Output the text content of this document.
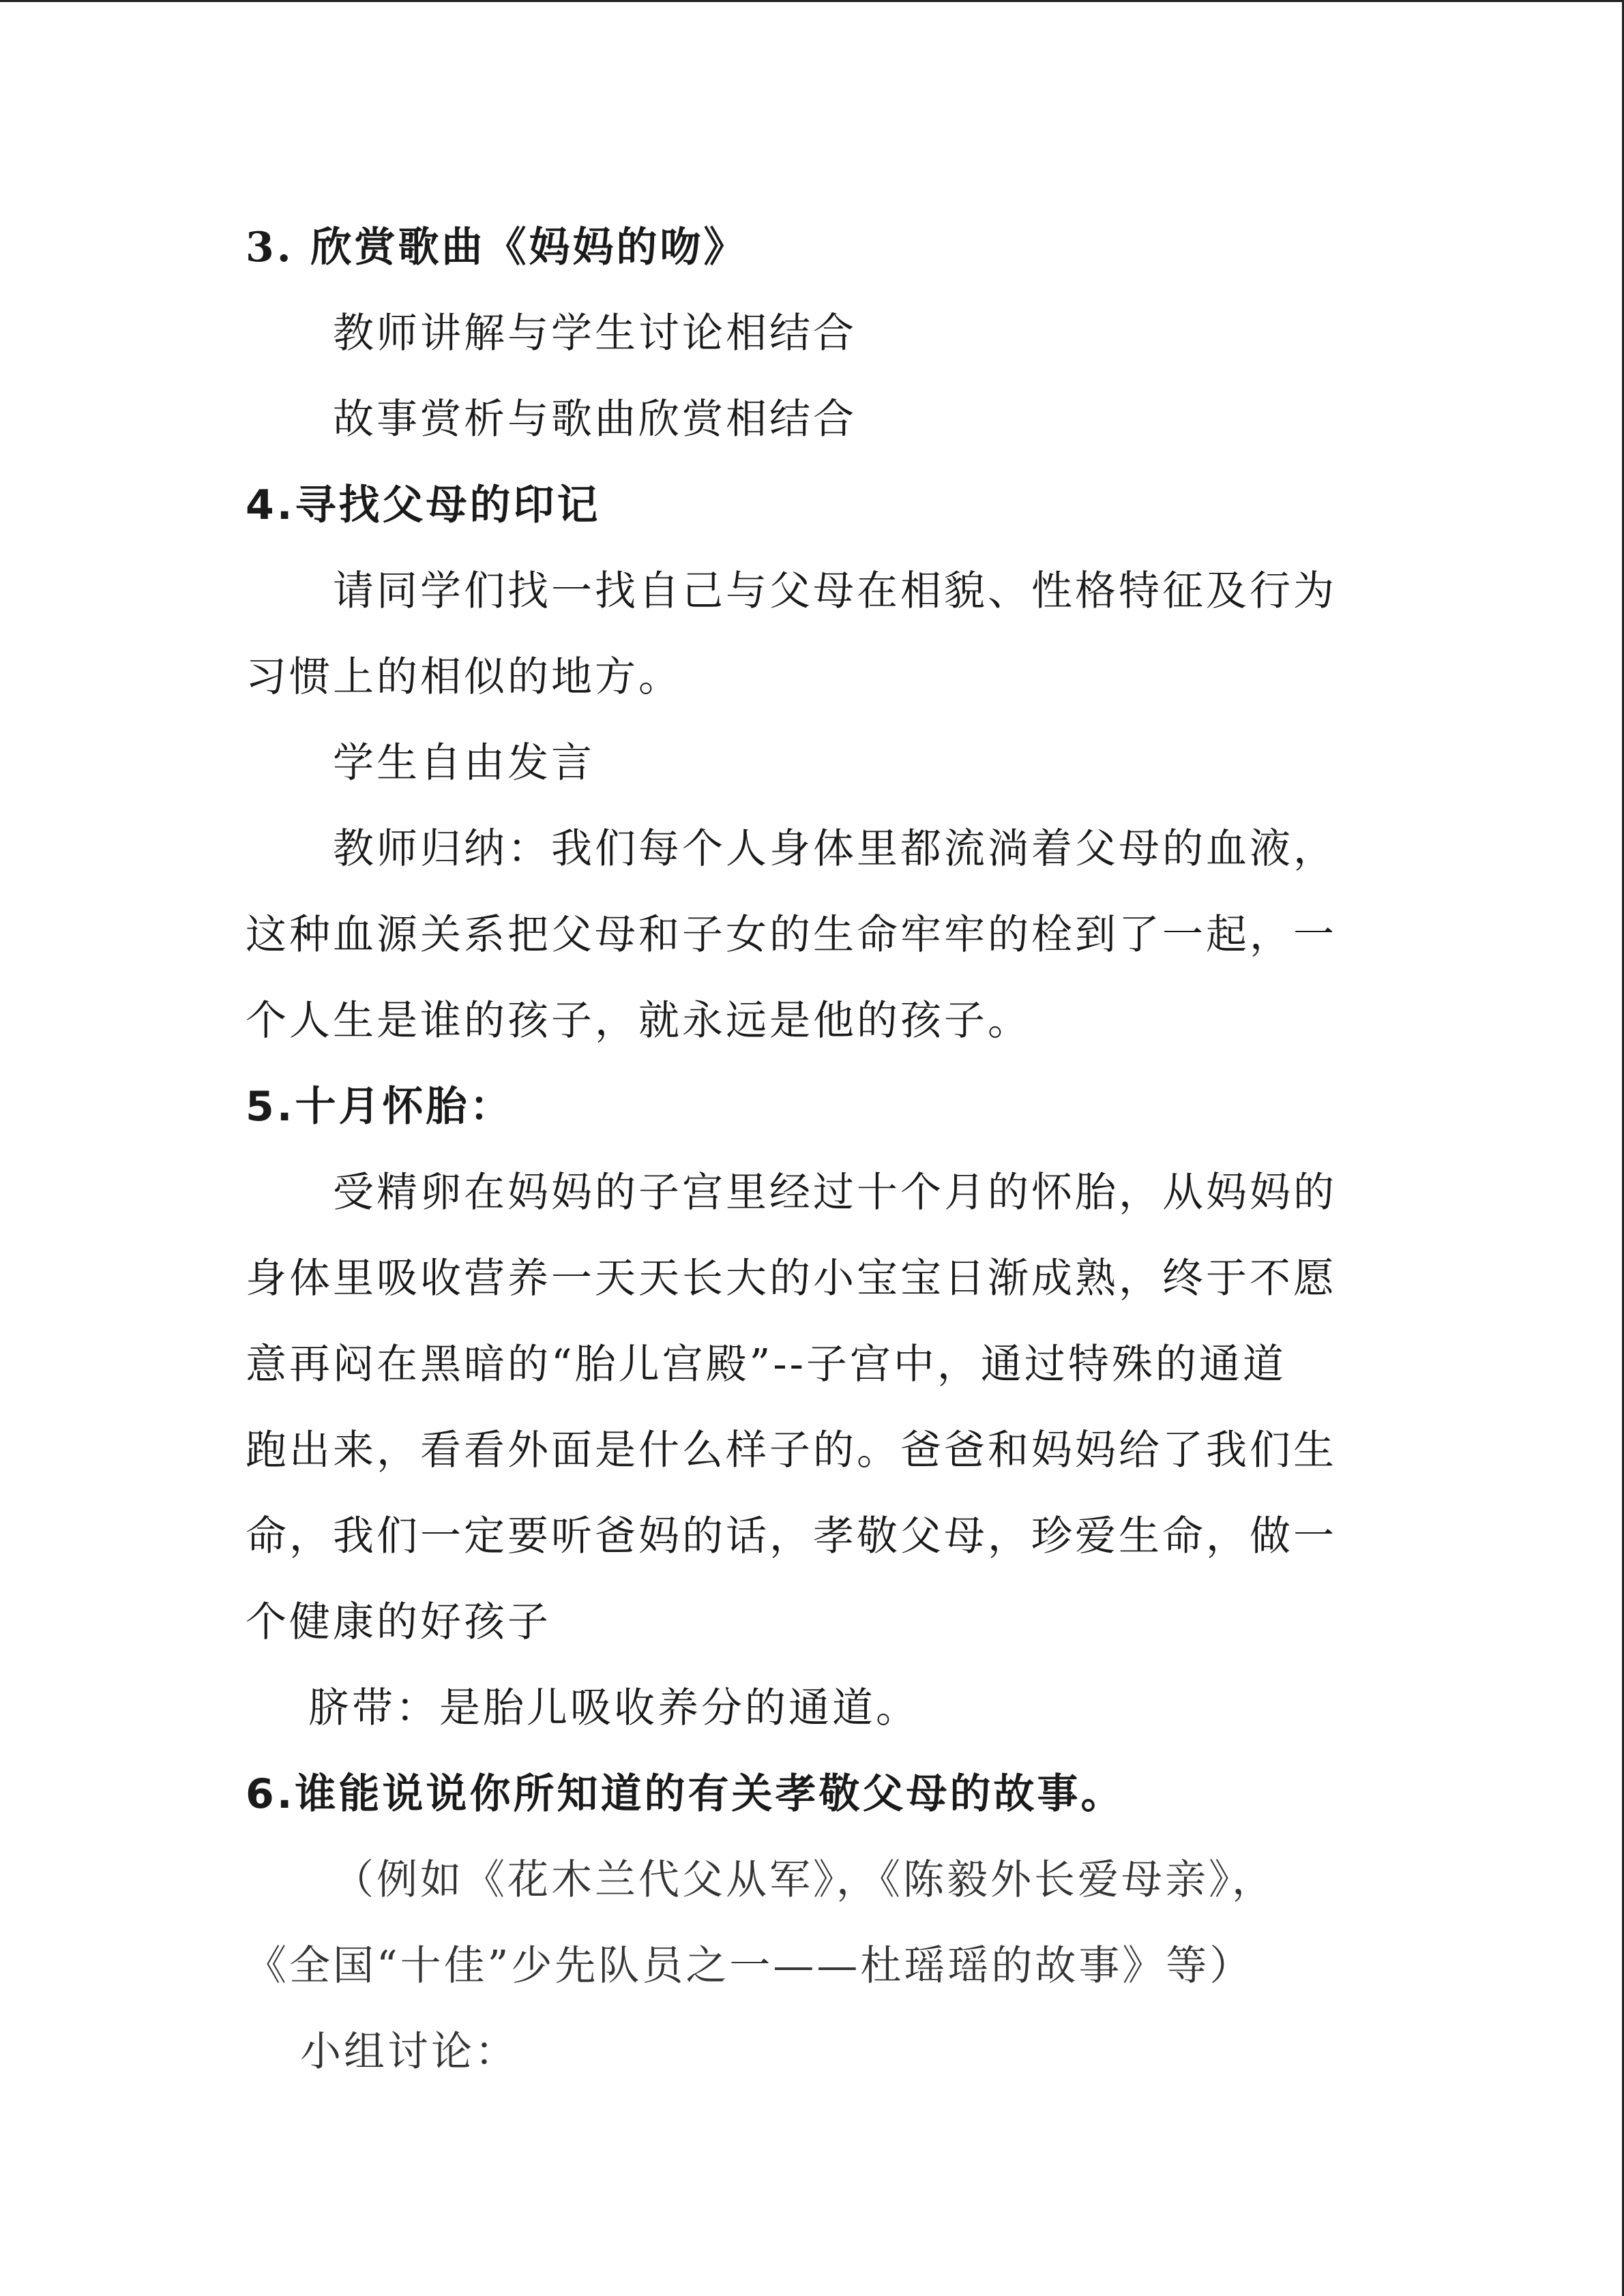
3. 欣赏歌曲《妈妈的吻》
教师讲解与学生讨论相结合
故事赏析与歌曲欣赏相结合
4.寻找父母的印记
请同学们找一找自己与父母在相貌、性格特征及行为
习惯上的相似的地方。
学生自由发言
教师归纳：我们每个人身体里都流淌着父母的血液，
这种血源关系把父母和子女的生命牢牢的栓到了一起，一
个人生是谁的孩子，就永远是他的孩子。
5.十月怀胎：
受精卵在妈妈的子宫里经过十个月的怀胎，从妈妈的
身体里吸收营养一天天长大的小宝宝日渐成熟，终于不愿
意再闷在黑暗的“胎儿宫殿”--子宫中，通过特殊的通道
跑出来，看看外面是什么样子的。爸爸和妈妈给了我们生
命，我们一定要听爸妈的话，孝敬父母，珍爱生命，做一
个健康的好孩子
脐带：是胎儿吸收养分的通道。
6.谁能说说你所知道的有关孝敬父母的故事。
（例如《花木兰代父从军》，《陈毅外长爱母亲》，
《全国“十佳”少先队员之一——杜瑶瑶的故事》等）
小组讨论：
